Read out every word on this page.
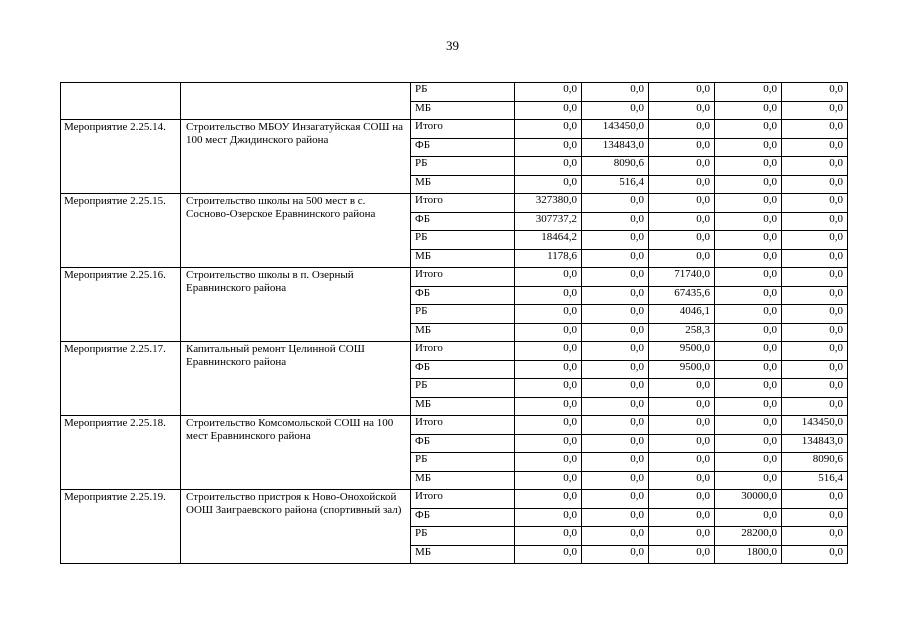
39
		РБ	0,0	0,0	0,0	0,0	0,0
		МБ	0,0	0,0	0,0	0,0	0,0
Мероприятие 2.25.14.	Строительство МБОУ Инзагатуйская СОШ на 100 мест Джидинского района	Итого	0,0	143450,0	0,0	0,0	0,0
		ФБ	0,0	134843,0	0,0	0,0	0,0
		РБ	0,0	8090,6	0,0	0,0	0,0
		МБ	0,0	516,4	0,0	0,0	0,0
Мероприятие 2.25.15.	Строительство школы на 500 мест в с. Сосново-Озерское Еравнинского района	Итого	327380,0	0,0	0,0	0,0	0,0
		ФБ	307737,2	0,0	0,0	0,0	0,0
		РБ	18464,2	0,0	0,0	0,0	0,0
		МБ	1178,6	0,0	0,0	0,0	0,0
Мероприятие 2.25.16.	Строительство школы в п. Озерный Еравнинского района	Итого	0,0	0,0	71740,0	0,0	0,0
		ФБ	0,0	0,0	67435,6	0,0	0,0
		РБ	0,0	0,0	4046,1	0,0	0,0
		МБ	0,0	0,0	258,3	0,0	0,0
Мероприятие 2.25.17.	Капитальный ремонт Целинной СОШ Еравнинского района	Итого	0,0	0,0	9500,0	0,0	0,0
		ФБ	0,0	0,0	9500,0	0,0	0,0
		РБ	0,0	0,0	0,0	0,0	0,0
		МБ	0,0	0,0	0,0	0,0	0,0
Мероприятие 2.25.18.	Строительство Комсомольской СОШ на 100 мест Еравнинского района	Итого	0,0	0,0	0,0	0,0	143450,0
		ФБ	0,0	0,0	0,0	0,0	134843,0
		РБ	0,0	0,0	0,0	0,0	8090,6
		МБ	0,0	0,0	0,0	0,0	516,4
Мероприятие 2.25.19.	Строительство пристроя к Ново-Онохойской ООШ Заиграевского района (спортивный зал)	Итого	0,0	0,0	0,0	30000,0	0,0
		ФБ	0,0	0,0	0,0	0,0	0,0
		РБ	0,0	0,0	0,0	28200,0	0,0
		МБ	0,0	0,0	0,0	1800,0	0,0
